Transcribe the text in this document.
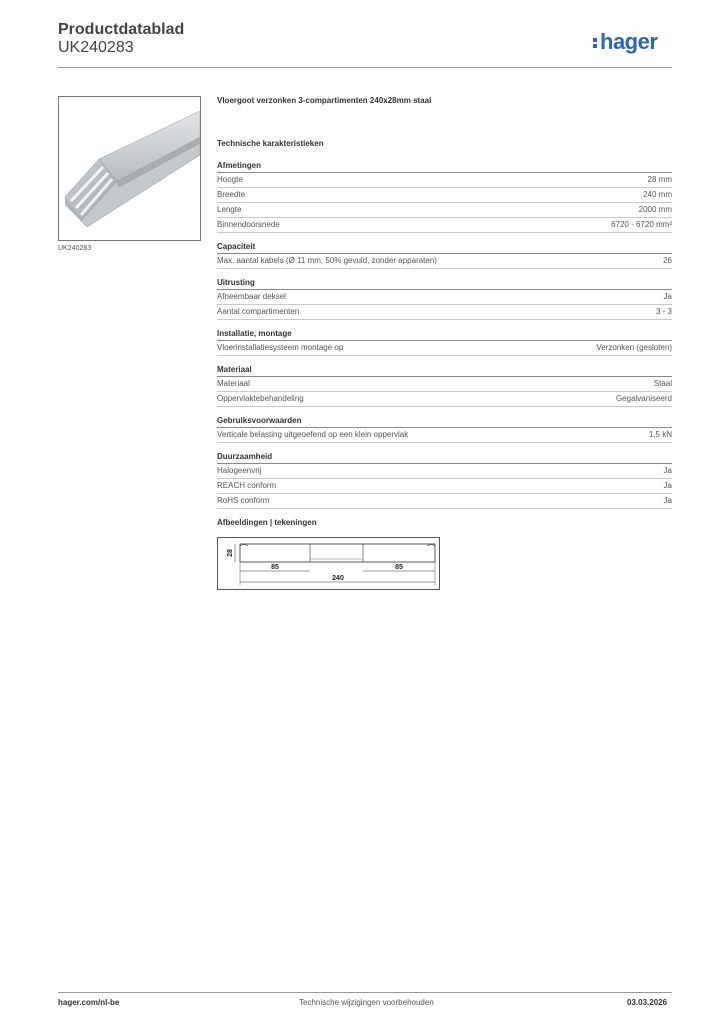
Productdatablad
UK240283	hager
UK240283
Vloergoot verzonken 3-compartimenten 240x28mm staal
Technische karakteristieken
Afmetingen
Hoogte	28 mm
Breedte	240 mm
Lengte	2000 mm
Binnendoorsnede	6720 - 6720 mm²
Capaciteit
Max. aantal kabels (Ø 11 mm, 50% gevuld, zonder apparaten)	26
Uitrusting
Afneembaar deksel	Ja
Aantal compartimenten	3 - 3
Installatie, montage
Vloerinstallatiesysteem montage op	Verzonken (gesloten)
Materiaal
Materiaal	Staal
Oppervlaktebehandeling	Gegalvaniseerd
Gebruiksvoorwaarden
Verticale belasting uitgeoefend op een klein oppervlak	1,5 kN
Duurzaamheid
Halogeenvrij	Ja
REACH conform	Ja
RoHS conform	Ja
Afbeeldingen | tekeningen
28
85	85
240
hager.com/nl-be	Technische wijzigingen voorbehouden	03.03.2026
